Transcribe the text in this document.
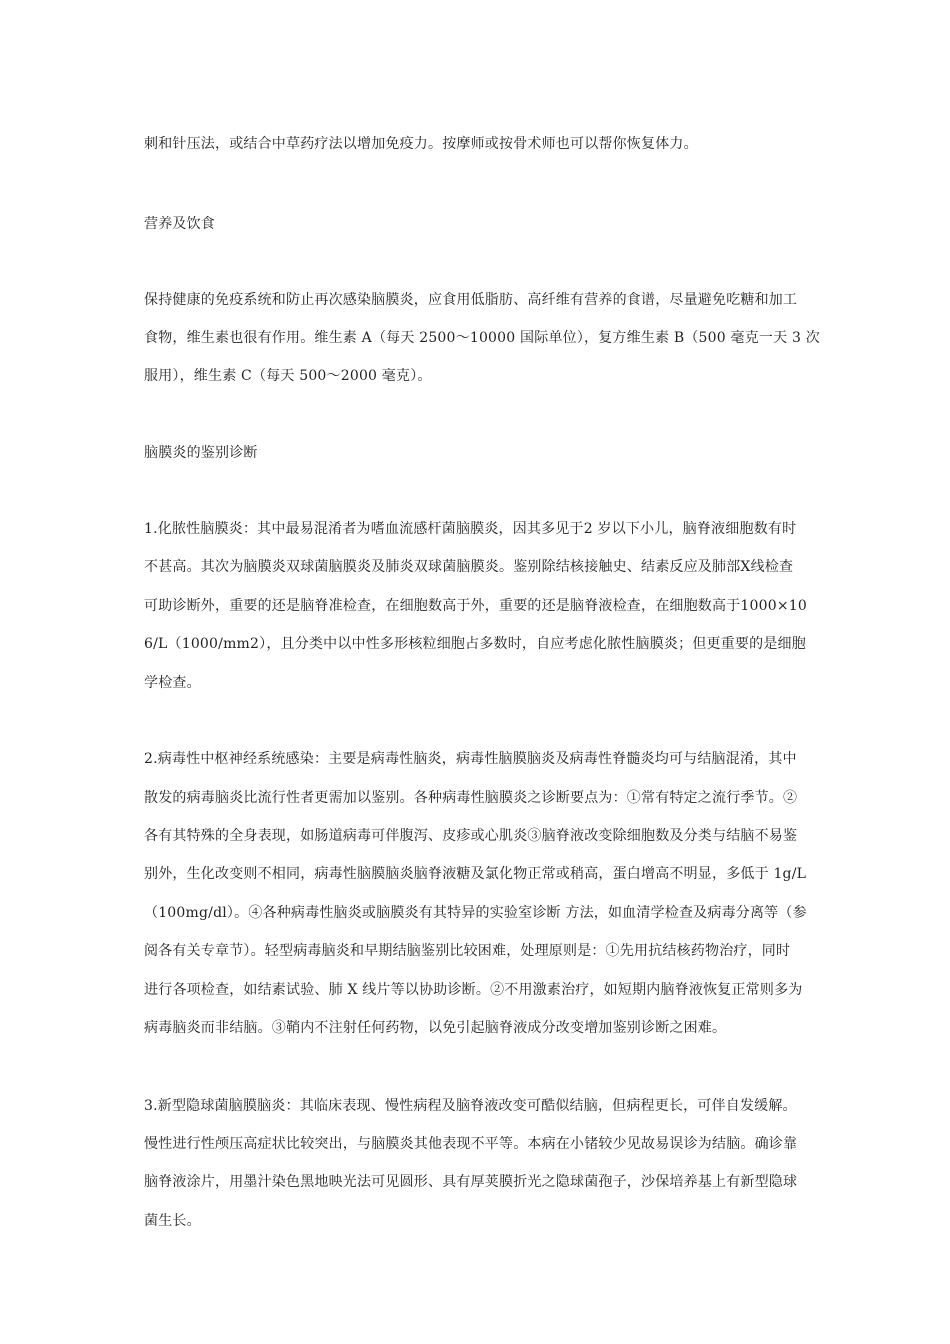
刺和针压法，或结合中草药疗法以增加免疫力。按摩师或按骨术师也可以帮你恢复体力。
营养及饮食
保持健康的免疫系统和防止再次感染脑膜炎，应食用低脂肪、高纤维有营养的食谱，尽量避免吃糖和加工
食物，维生素也很有作用。维生素 A（每天 2500～10000 国际单位），复方维生素 B（500 毫克一天 3 次
服用），维生素 C（每天 500～2000 毫克）。
脑膜炎的鉴别诊断
1.化脓性脑膜炎：其中最易混淆者为嗜血流感杆菌脑膜炎，因其多见于2 岁以下小儿，脑脊液细胞数有时
不甚高。其次为脑膜炎双球菌脑膜炎及肺炎双球菌脑膜炎。鉴别除结核接触史、结素反应及肺部X线检查
可助诊断外，重要的还是脑脊准检查，在细胞数高于外，重要的还是脑脊液检查，在细胞数高于1000×10
6/L（1000/mm2），且分类中以中性多形核粒细胞占多数时，自应考虑化脓性脑膜炎；但更重要的是细胞
学检查。
2.病毒性中枢神经系统感染：主要是病毒性脑炎，病毒性脑膜脑炎及病毒性脊髓炎均可与结脑混淆，其中
散发的病毒脑炎比流行性者更需加以鉴别。各种病毒性脑膜炎之诊断要点为：①常有特定之流行季节。②
各有其特殊的全身表现，如肠道病毒可伴腹泻、皮疹或心肌炎③脑脊液改变除细胞数及分类与结脑不易鉴
别外，生化改变则不相同，病毒性脑膜脑炎脑脊液糖及氯化物正常或稍高，蛋白增高不明显，多低于 1g/L
（100mg/dl）。④各种病毒性脑炎或脑膜炎有其特异的实验室诊断 方法，如血清学检查及病毒分离等（参
阅各有关专章节）。轻型病毒脑炎和早期结脑鉴别比较困难，处理原则是：①先用抗结核药物治疗，同时
进行各项检查，如结素试验、肺 X 线片等以协助诊断。②不用激素治疗，如短期内脑脊液恢复正常则多为
病毒脑炎而非结脑。③鞘内不注射任何药物，以免引起脑脊液成分改变增加鉴别诊断之困难。
3.新型隐球菌脑膜脑炎：其临床表现、慢性病程及脑脊液改变可酷似结脑，但病程更长，可伴自发缓解。
慢性进行性颅压高症状比较突出，与脑膜炎其他表现不平等。本病在小锗较少见故易误诊为结脑。确诊靠
脑脊液涂片，用墨汁染色黑地映光法可见圆形、具有厚荚膜折光之隐球菌孢子，沙保培养基上有新型隐球
菌生长。
